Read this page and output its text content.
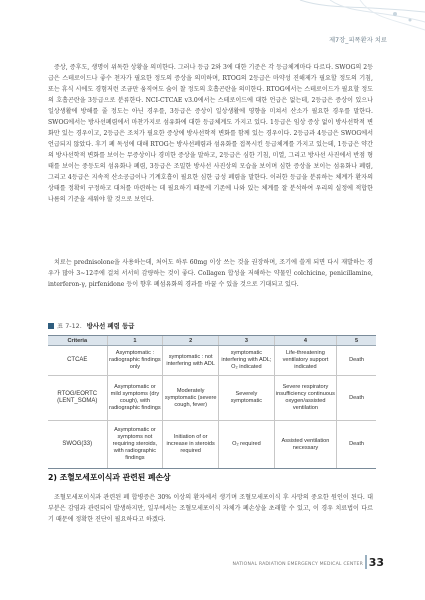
제7장_피폭환자 치료

증상, 증후도, 생명이 위독한 상황을 의미한다. 그러나 등급 2와 3에 대한 기준은 각 등급체계마다 다르다. SWOG의 2등급은 스테로이드나 좋수 천자가 필요한 정도의 증상을 의미하며, RTOG의 2등급은 마약성 진해제가 필요할 정도의 기침, 또는 휴식 시에도 경험저런 조금만 움직여도 숨이 찰 정도의 호흡곤란을 의미한다. RTOG에서는 스테로이드가 필요할 정도의 호흡곤란을 3등급으로 분류한다. NCI-CTCAE v3.0에서는 스테로이드에 대한 언급은 없는데, 2등급은 증상이 있으나 일상생활에 방해를 줄 정도는 아닌 경우를, 3등급은 증상이 일상생활에 영향을 미쳐서 산소가 필요한 경우를 말한다. SWOG에서는 방사선폐렴에서 마찬가지로 섬유화에 대한 등급체계도 가지고 있다. 1등급은 임상 증상 없이 방사선학적 변화만 있는 경우이고, 2등급은 조치가 필요한 증상에 방사선학적 변화를 함께 있는 경우이다. 2등급과 4등급은 SWOG에서 언급되지 않았다. 후기 폐 독성에 대해 RTOG는 방사선폐렴과 섬유화를 접목시킨 등급체계를 가지고 있는데, 1등급은 약간의 방사선학적 변화를 보이는 무증상이나 경미한 증상을 말하고, 2등급은 심한 기침, 미열, 그리고 방사선 사진에서 반점 형태를 보이는 중등도의 섬유화나 폐렴, 3등급은 조밀한 방사선 사진상의 모습을 보이며 심한 증상을 보이는 섬유화나 폐렴, 그리고 4등급은 지속적 산소공급이나 기계호흡이 필요한 심한 급성 폐렴을 말한다. 이러한 등급을 분류하는 체계가 환자의 상태를 정확히 구정하고 대처를 마련하는 데 필요하기 때문에 기존에 나와 있는 체계를 잘 분석하여 우리의 실정에 적합한 나름의 기준을 세워야 할 것으로 보인다.

치료는 prednisolone을 사용하는데, 처어도 하루 60mg 이상 쓰는 것을 권장하며, 조기에 쓸게 되면 다시 재발하는 경우가 많아 3~12주에 걸쳐 서서히 감량하는 것이 좋다. Collagen 합성을 저해하는 약물인 colchicine, penicillamine, interferon-γ, pirfenidone 등이 향후 폐섬유화의 경과를 바꿀 수 있을 것으로 기대되고 있다.

표 7-12. 방사선 폐렴 등급
Criteria	1	2	3	4	5
CTCAE	Asymptomatic : radiographic findings only	symptomatic : not interfering with ADL	symptomatic interfering with ADL; O₂ indicated	Life-threatening ventilatory support indicated	Death
RTOG/EORTC (LENT_SOMA)	Asymptomatic or mild symptoms (dry cough), with radiographic findings	Moderately symptomatic (severe cough, fever)	Severely symptomatic	Severe respiratory insufficiency continuous oxygen/assisted ventilation	Death
SWOG(33)	Asymptomatic or symptoms not requiring steroids, with radiographic findings	Initiation of or increase in steroids required	O₂ required	Assisted ventilation necessary	Death
2) 조혈모세포이식과 관련된 폐손상

조혈모세포이식과 관련된 폐 합병증은 30% 이상의 환자에서 생기며 조혈모세포이식 후 사망의 중요한 원인이 된다. 대부분은 감염과 관련되어 발생하지만, 일부에서는 조혈모세포이식 자체가 폐손상을 초래할 수 있고, 이 경우 치료법이 다르기 때문에 정확한 진단이 필요하다고 하겠다.

NATIONAL RADIATION EMERGENCY MEDICAL CENTER 33
